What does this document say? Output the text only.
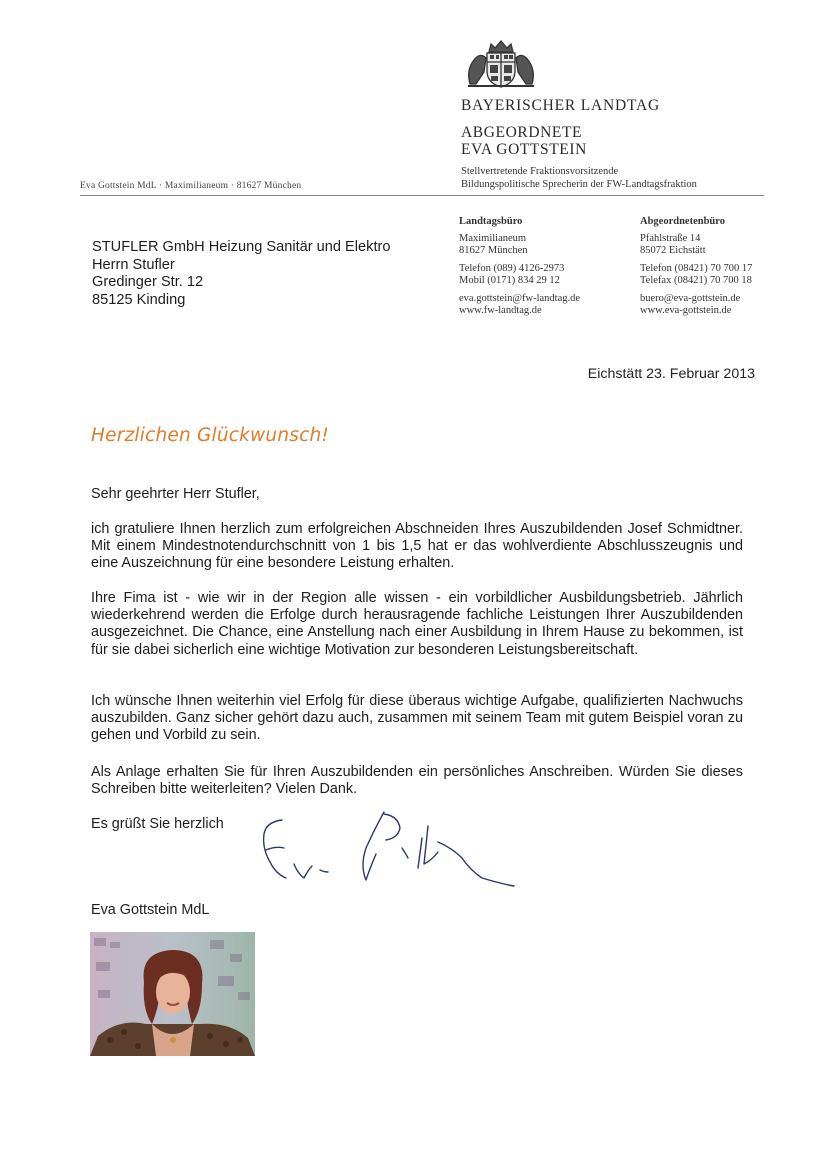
BAYERISCHER LANDTAG
ABGEORDNETE
EVA GOTTSTEIN
Stellvertretende Fraktionsvorsitzende
Bildungspolitische Sprecherin der FW-Landtagsfraktion
Eva Gottstein MdL · Maximilianeum · 81627 München
Landtagsbüro
Maximilianeum
81627 München
Telefon (089) 4126-2973
Mobil (0171) 834 29 12
eva.gottstein@fw-landtag.de
www.fw-landtag.de
Abgeordnetenbüro
Pfahlstraße 14
85072 Eichstätt
Telefon (08421) 70 700 17
Telefax (08421) 70 700 18
buero@eva-gottstein.de
www.eva-gottstein.de
STUFLER GmbH Heizung Sanitär und Elektro
Herrn Stufler
Gredinger Str. 12
85125 Kinding
Eichstätt 23. Februar 2013
Herzlichen Glückwunsch!
Sehr geehrter Herr Stufler,
ich gratuliere Ihnen herzlich zum erfolgreichen Abschneiden Ihres Auszubildenden Josef Schmidtner. Mit einem Mindestnotendurchschnitt von 1 bis 1,5 hat er das wohlverdiente Abschlusszeugnis und eine Auszeichnung für eine besondere Leistung erhalten.
Ihre Fima ist - wie wir in der Region alle wissen - ein vorbildlicher Ausbildungsbetrieb. Jährlich wiederkehrend werden die Erfolge durch herausragende fachliche Leistungen Ihrer Auszubildenden ausgezeichnet. Die Chance, eine Anstellung nach einer Ausbildung in Ihrem Hause zu bekommen, ist für sie dabei sicherlich eine wichtige Motivation zur besonderen Leistungsbereitschaft.
Ich wünsche Ihnen weiterhin viel Erfolg für diese überaus wichtige Aufgabe, qualifizierten Nachwuchs auszubilden. Ganz sicher gehört dazu auch, zusammen mit seinem Team mit gutem Beispiel voran zu gehen und Vorbild zu sein.
Als Anlage erhalten Sie für Ihren Auszubildenden ein persönliches Anschreiben. Würden Sie dieses Schreiben bitte weiterleiten? Vielen Dank.
Es grüßt Sie herzlich
Eva Gottstein MdL
